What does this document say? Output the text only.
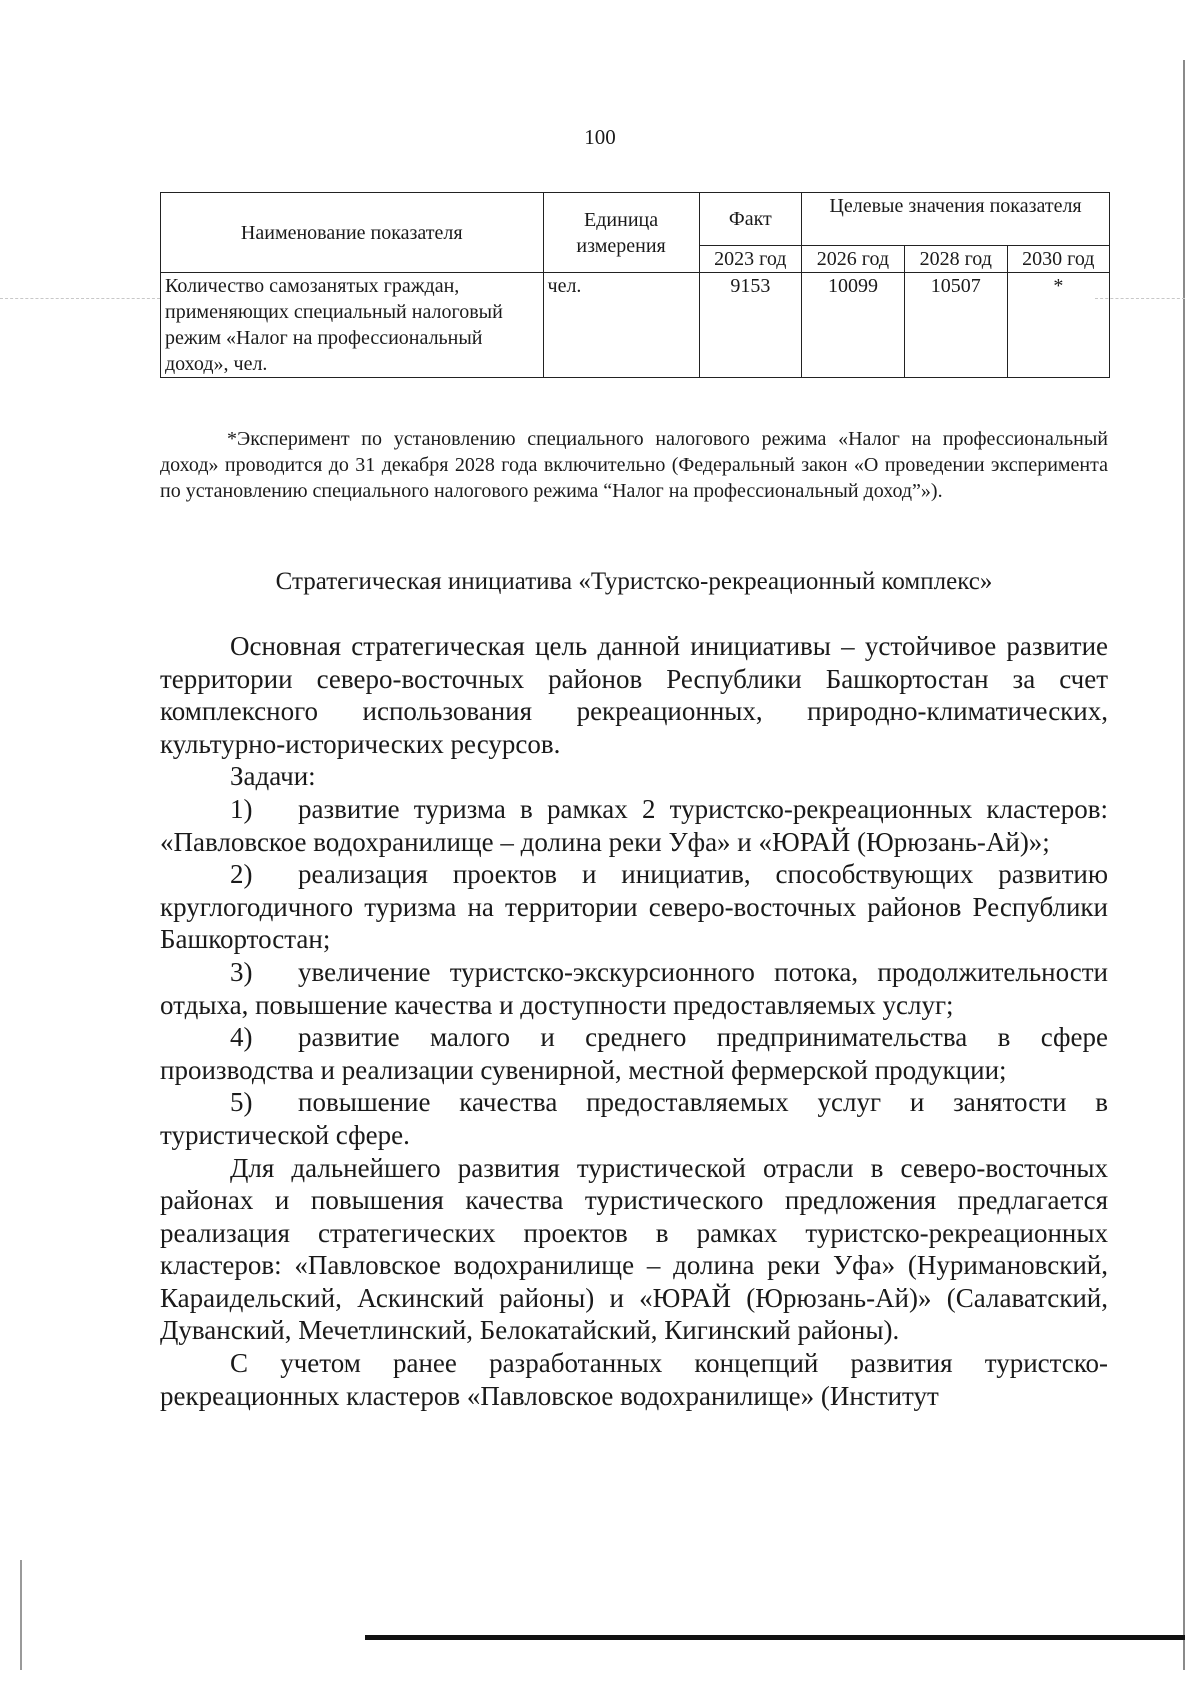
100
Наименование показателя	Единица измерения	Факт	Целевые значения показателя		
		2023 год	2026 год	2028 год	2030 год
Количество самозанятых граждан, применяющих специальный налоговый режим «Налог на профессиональный доход», чел.	чел.	9153	10099	10507	*
*Эксперимент по установлению специального налогового режима «Налог на профессиональный доход» проводится до 31 декабря 2028 года включительно (Федеральный закон «О проведении эксперимента по установлению специального налогового режима “Налог на профессиональный доход”»).
Стратегическая инициатива «Туристско-рекреационный комплекс»

Основная стратегическая цель данной инициативы – устойчивое развитие территории северо-восточных районов Республики Башкортостан за счет комплексного использования рекреационных, природно-климатических, культурно-исторических ресурсов.

Задачи:

1) развитие туризма в рамках 2 туристско-рекреационных кластеров: «Павловское водохранилище – долина реки Уфа» и «ЮРАЙ (Юрюзань-Ай)»;

2) реализация проектов и инициатив, способствующих развитию круглогодичного туризма на территории северо-восточных районов Республики Башкортостан;

3) увеличение туристско-экскурсионного потока, продолжительности отдыха, повышение качества и доступности предоставляемых услуг;

4) развитие малого и среднего предпринимательства в сфере производства и реализации сувенирной, местной фермерской продукции;

5) повышение качества предоставляемых услуг и занятости в туристической сфере.

Для дальнейшего развития туристической отрасли в северо-восточных районах и повышения качества туристического предложения предлагается реализация стратегических проектов в рамках туристско-рекреационных кластеров: «Павловское водохранилище – долина реки Уфа» (Нуримановский, Караидельский, Аскинский районы) и «ЮРАЙ (Юрюзань-Ай)» (Салаватский, Дуванский, Мечетлинский, Белокатайский, Кигинский районы).

С учетом ранее разработанных концепций развития туристско-рекреационных кластеров «Павловское водохранилище» (Институт
